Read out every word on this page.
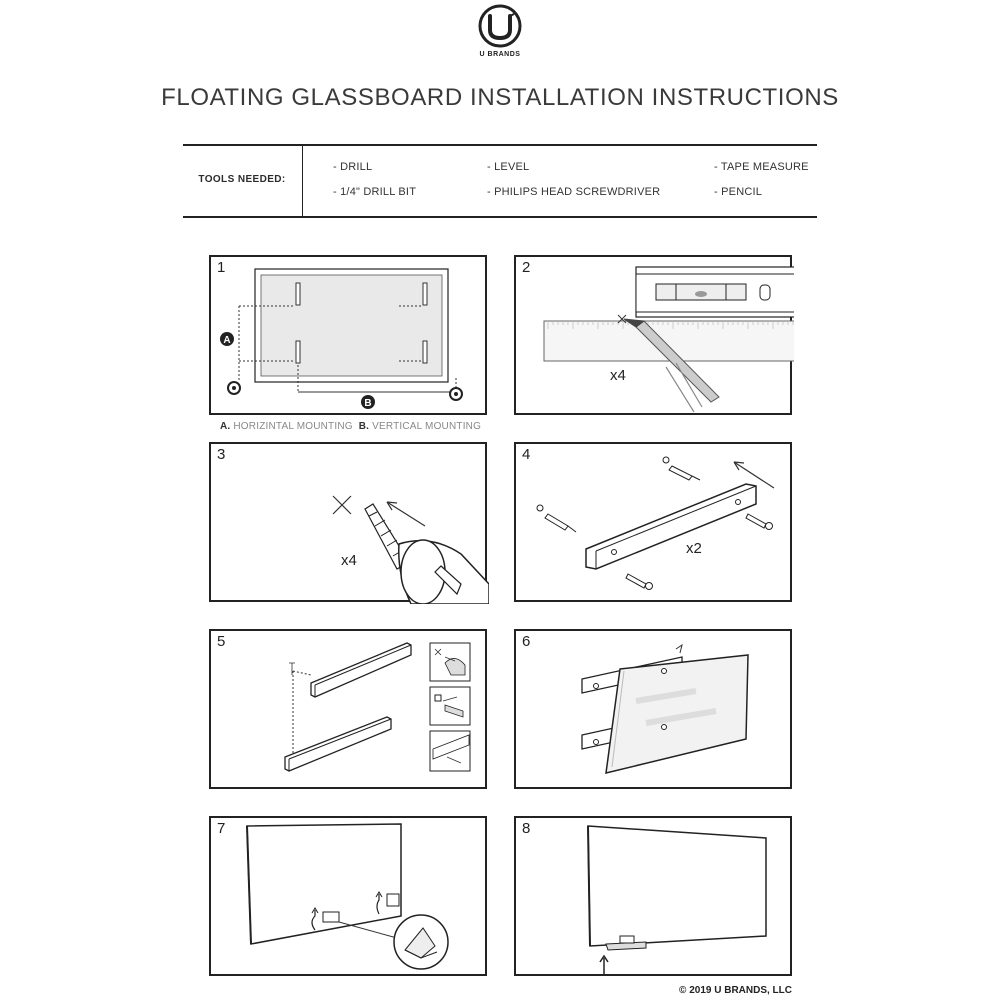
U BRANDS
FLOATING GLASSBOARD INSTALLATION INSTRUCTIONS
TOOLS NEEDED:
- DRILL	- LEVEL	- TAPE MEASURE
- 1/4" DRILL BIT	- PHILIPS HEAD SCREWDRIVER	- PENCIL
1
A
B
A. HORIZINTAL MOUNTING B. VERTICAL MOUNTING
2
x4
3
x4
4
x2
5	6
7	8
© 2019 U BRANDS, LLC
